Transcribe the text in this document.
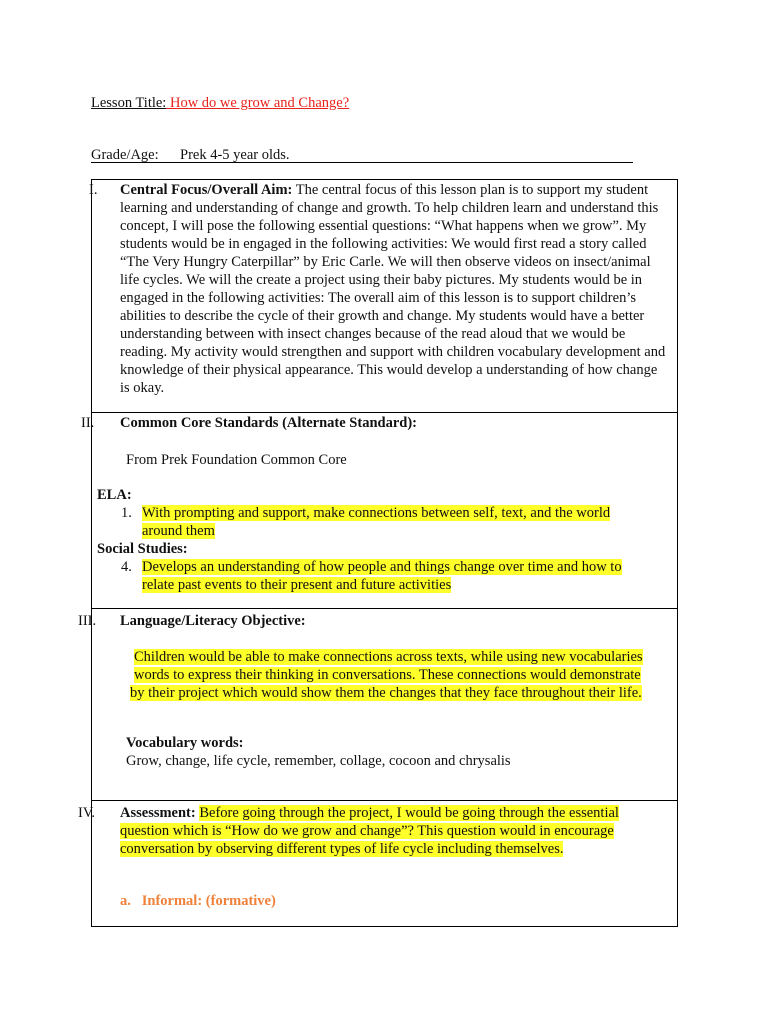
Lesson Title: How do we grow and Change?
Grade/Age: Prek 4-5 year olds.
I. Central Focus/Overall Aim: The central focus of this lesson plan is to support my student learning and understanding of change and growth. To help children learn and understand this concept, I will pose the following essential questions: “What happens when we grow”. My students would be in engaged in the following activities: We would first read a story called “The Very Hungry Caterpillar” by Eric Carle. We will then observe videos on insect/animal life cycles. We will the create a project using their baby pictures. My students would be in engaged in the following activities: The overall aim of this lesson is to support children’s abilities to describe the cycle of their growth and change. My students would have a better understanding between with insect changes because of the read aloud that we would be reading. My activity would strengthen and support with children vocabulary development and knowledge of their physical appearance. This would develop a understanding of how change is okay.
II. Common Core Standards (Alternate Standard):
From Prek Foundation Common Core
ELA:
1. With prompting and support, make connections between self, text, and the world
around them
Social Studies:
4. Develops an understanding of how people and things change over time and how to
relate past events to their present and future activities
III. Language/Literacy Objective:
Children would be able to make connections across texts, while using new vocabularies
words to express their thinking in conversations. These connections would demonstrate
by their project which would show them the changes that they face throughout their life.
Vocabulary words:
Grow, change, life cycle, remember, collage, cocoon and chrysalis
IV. Assessment: Before going through the project, I would be going through the essential
question which is “How do we grow and change”? This question would in encourage
conversation by observing different types of life cycle including themselves.
a. Informal: (formative)
